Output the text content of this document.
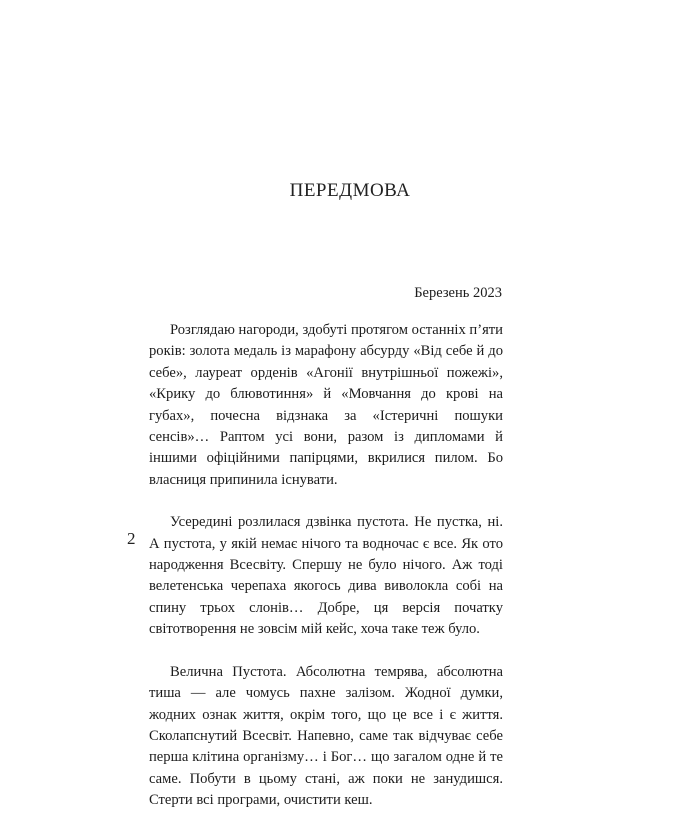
ПЕРЕДМОВА
Березень 2023

Розглядаю нагороди, здобуті протягом останніх п’яти років: золота медаль із марафону абсурду «Від себе й до себе», лауреат орденів «Агонії внутрішньої пожежі», «Крику до блювотиння» й «Мовчання до крові на губах», почесна відзнака за «Істеричні пошуки сенсів»… Раптом усі вони, разом із дипломами й іншими офіційними папірцями, вкрилися пилом. Бо власниця припинила існувати.

Усередині розлилася дзвінка пустота. Не пустка, ні. А пустота, у якій немає нічого та водночас є все. Як ото народження Всесвіту. Спершу не було нічого. Аж тоді велетенська черепаха якогось дива виволокла собі на спину трьох слонів… Добре, ця версія початку світотворення не зовсім мій кейс, хоча таке теж було.

Велична Пустота. Абсолютна темрява, абсолютна тиша — але чомусь пахне залізом. Жодної думки, жодних ознак життя, окрім того, що це все і є життя. Сколапснутий Всесвіт. Напевно, саме так відчуває себе перша клітина організму… і Бог… що загалом одне й те саме. Побути в цьому стані, аж поки не занудишся. Стерти всі програми, очистити кеш.

2
